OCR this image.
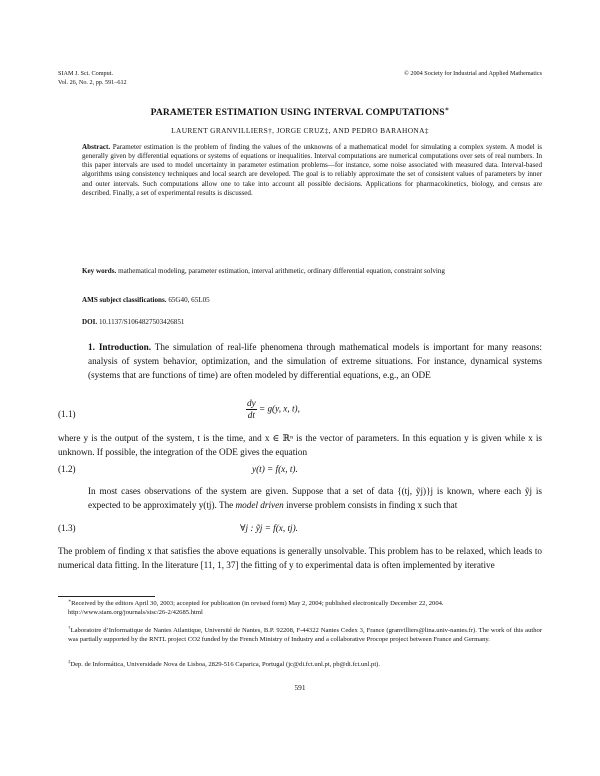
SIAM J. Sci. Comput.
Vol. 26, No. 2, pp. 591–612
© 2004 Society for Industrial and Applied Mathematics
PARAMETER ESTIMATION USING INTERVAL COMPUTATIONS∗
LAURENT GRANVILLIERS†, JORGE CRUZ‡, AND PEDRO BARAHONA‡
Abstract. Parameter estimation is the problem of finding the values of the unknowns of a mathematical model for simulating a complex system. A model is generally given by differential equations or systems of equations or inequalities. Interval computations are numerical computations over sets of real numbers. In this paper intervals are used to model uncertainty in parameter estimation problems—for instance, some noise associated with measured data. Interval-based algorithms using consistency techniques and local search are developed. The goal is to reliably approximate the set of consistent values of parameters by inner and outer intervals. Such computations allow one to take into account all possible decisions. Applications for pharmacokinetics, biology, and census are described. Finally, a set of experimental results is discussed.
Key words. mathematical modeling, parameter estimation, interval arithmetic, ordinary differential equation, constraint solving
AMS subject classifications. 65G40, 65L05
DOI. 10.1137/S1064827503426851
1. Introduction. The simulation of real-life phenomena through mathematical models is important for many reasons: analysis of system behavior, optimization, and the simulation of extreme situations. For instance, dynamical systems (systems that are functions of time) are often modeled by differential equations, e.g., an ODE
(1.1)	$\frac{dy}{dt} = g(y$, x, t),
where y is the output of the system, t is the time, and x ∈ ℝⁿ is the vector of parameters. In this equation y is given while x is unknown. If possible, the integration of the ODE gives the equation
(1.2)	y(t) = f(x, t).
In most cases observations of the system are given. Suppose that a set of data {(tj, ỹj)}j is known, where each ỹj is expected to be approximately y(tj). The model driven inverse problem consists in finding x such that
(1.3)	∀j : ỹj = f(x, tj).
The problem of finding x that satisfies the above equations is generally unsolvable. This problem has to be relaxed, which leads to numerical data fitting. In the literature [11, 1, 37] the fitting of y to experimental data is often implemented by iterative
∗Received by the editors April 30, 2003; accepted for publication (in revised form) May 2, 2004; published electronically December 22, 2004.
http://www.siam.org/journals/sisc/26-2/42685.html
†Laboratoire d’Informatique de Nantes Atlantique, Université de Nantes, B.P. 92208, F-44322 Nantes Cedex 3, France (granvilliers@lina.univ-nantes.fr). The work of this author was partially supported by the RNTL project CO2 funded by the French Ministry of Industry and a collaborative Procope project between France and Germany.
‡Dep. de Informática, Universidade Nova de Lisboa, 2829-516 Caparica, Portugal (jc@di.fct.unl.pt, pb@di.fct.unl.pt).
591
